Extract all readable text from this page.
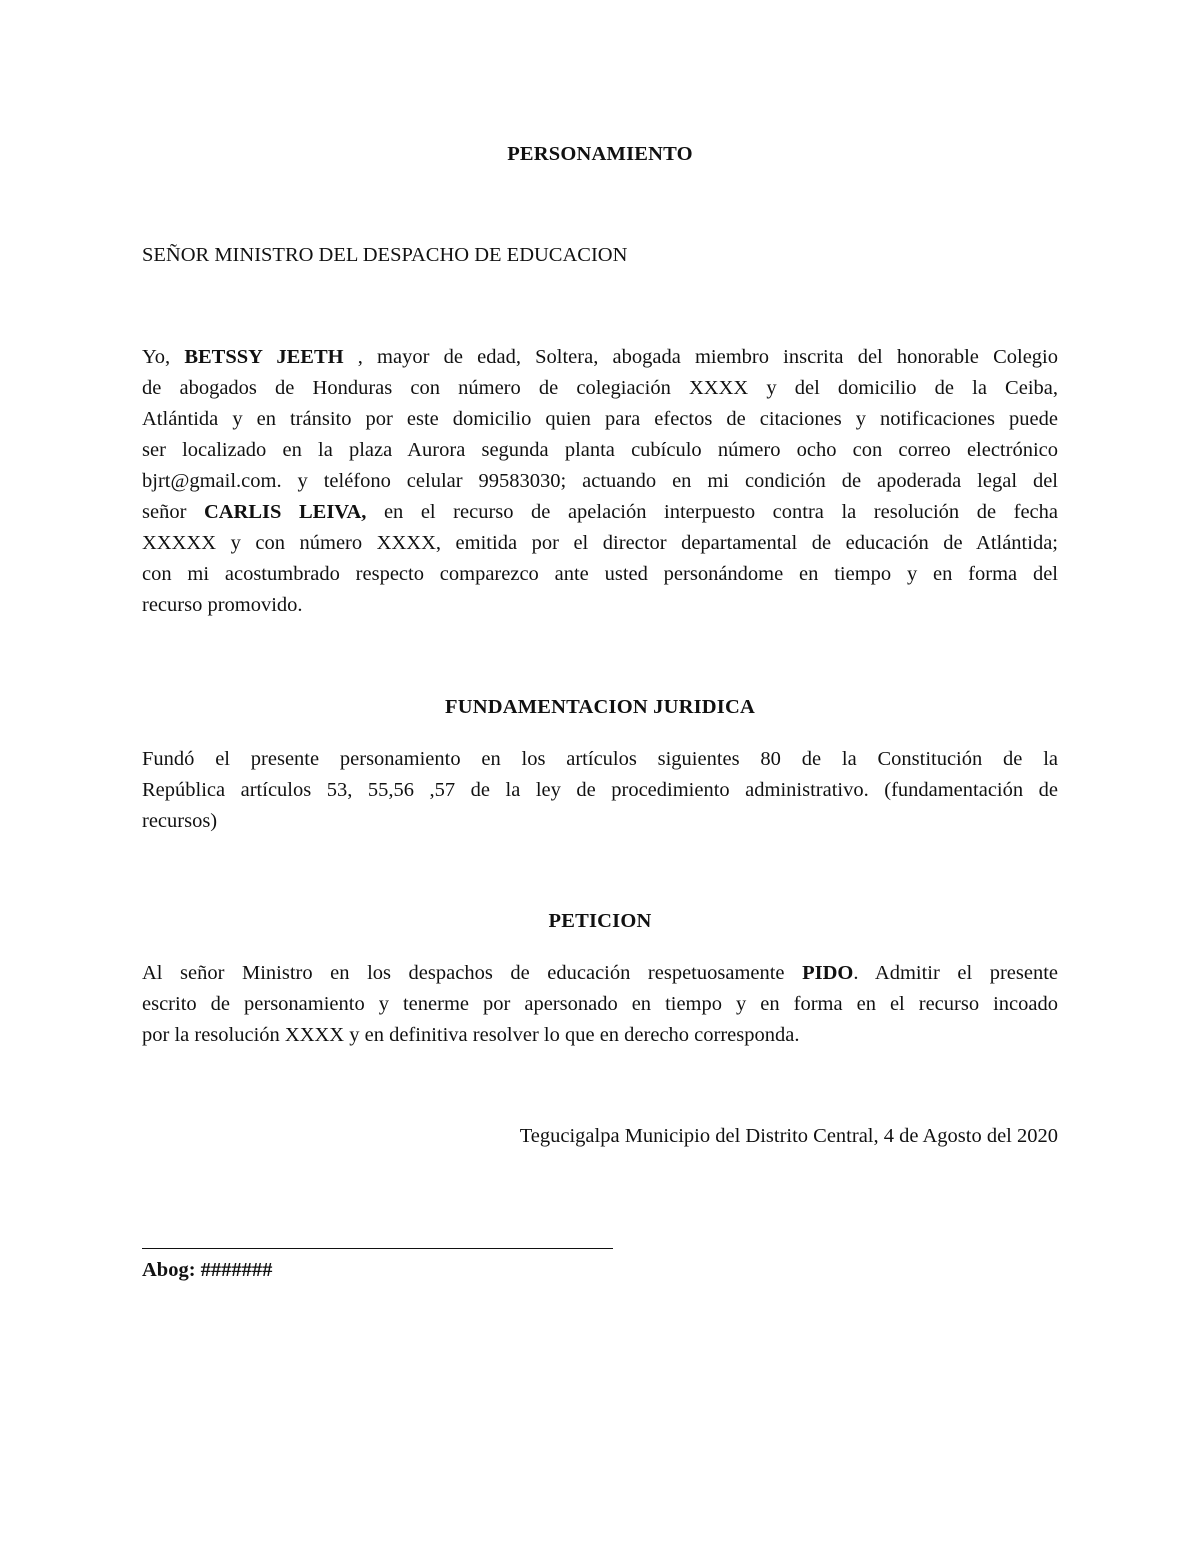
PERSONAMIENTO
SEÑOR MINISTRO DEL DESPACHO DE EDUCACION
Yo, BETSSY JEETH , mayor de edad, Soltera, abogada miembro inscrita del honorable Colegio
de abogados de Honduras con número de colegiación XXXX y del domicilio de la Ceiba,
Atlántida y en tránsito por este domicilio quien para efectos de citaciones y notificaciones puede
ser localizado en la plaza Aurora segunda planta cubículo número ocho con correo electrónico
bjrt@gmail.com. y teléfono celular 99583030; actuando en mi condición de apoderada legal del
señor CARLIS LEIVA, en el recurso de apelación interpuesto contra la resolución de fecha
XXXXX y con número XXXX, emitida por el director departamental de educación de Atlántida;
con mi acostumbrado respecto comparezco ante usted personándome en tiempo y en forma del
recurso promovido.
FUNDAMENTACION JURIDICA
Fundó el presente personamiento en los artículos siguientes 80 de la Constitución de la
República artículos 53, 55,56 ,57 de la ley de procedimiento administrativo. (fundamentación de
recursos)
PETICION
Al señor Ministro en los despachos de educación respetuosamente PIDO. Admitir el presente
escrito de personamiento y tenerme por apersonado en tiempo y en forma en el recurso incoado
por la resolución XXXX y en definitiva resolver lo que en derecho corresponda.
Tegucigalpa Municipio del Distrito Central, 4 de Agosto del 2020
Abog: #######
